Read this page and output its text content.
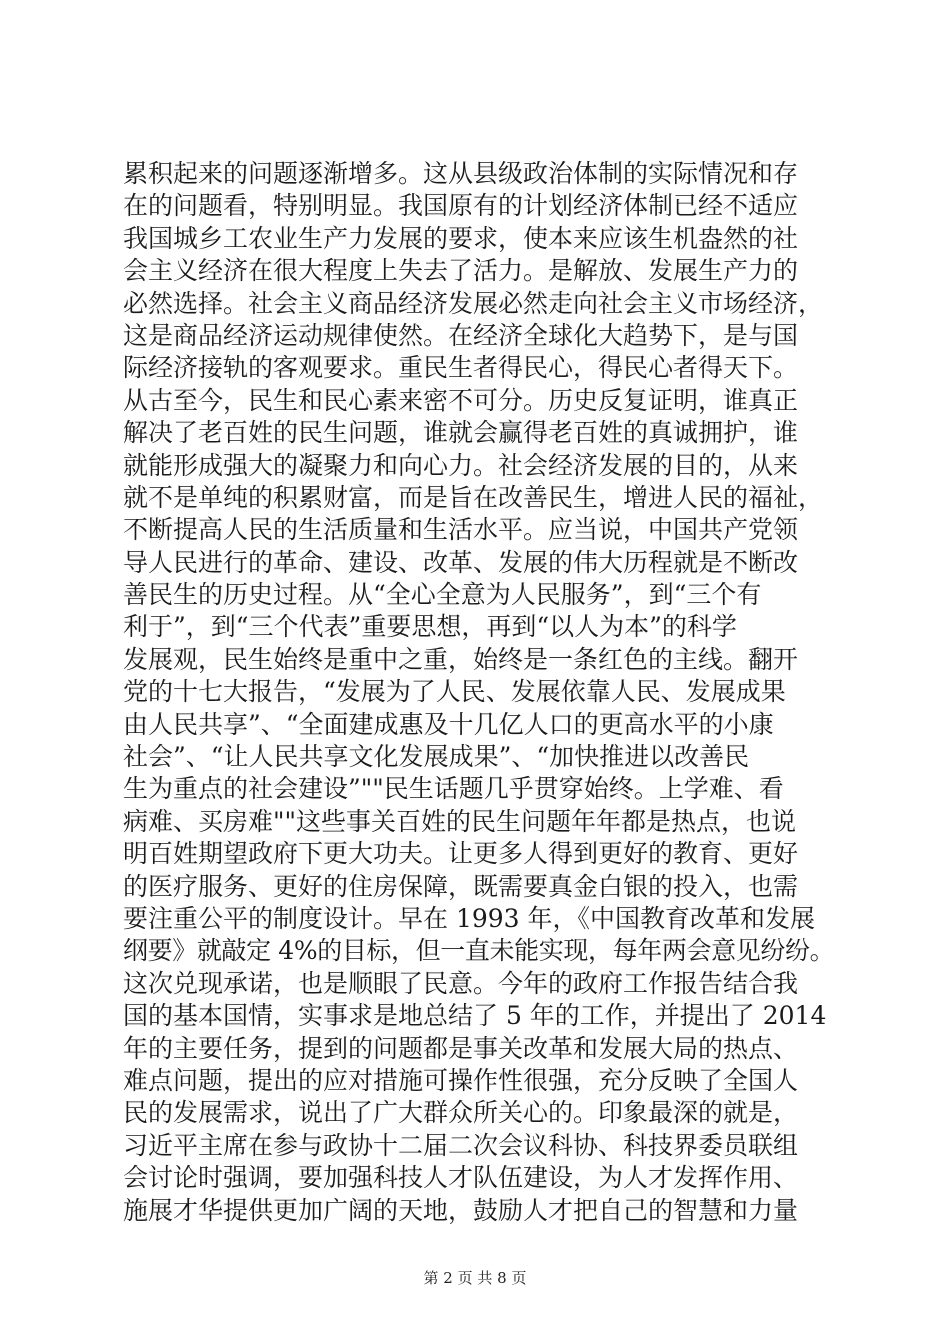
累积起来的问题逐渐增多。这从县级政治体制的实际情况和存
在的问题看，特别明显。我国原有的计划经济体制已经不适应
我国城乡工农业生产力发展的要求，使本来应该生机盎然的社
会主义经济在很大程度上失去了活力。是解放、发展生产力的
必然选择。社会主义商品经济发展必然走向社会主义市场经济，
这是商品经济运动规律使然。在经济全球化大趋势下，是与国
际经济接轨的客观要求。重民生者得民心，得民心者得天下。
从古至今，民生和民心素来密不可分。历史反复证明，谁真正
解决了老百姓的民生问题，谁就会赢得老百姓的真诚拥护，谁
就能形成强大的凝聚力和向心力。社会经济发展的目的，从来
就不是单纯的积累财富，而是旨在改善民生，增进人民的福祉，
不断提高人民的生活质量和生活水平。应当说，中国共产党领
导人民进行的革命、建设、改革、发展的伟大历程就是不断改
善民生的历史过程。从“全心全意为人民服务”，到“三个有
利于”，到“三个代表”重要思想，再到“以人为本”的科学
发展观，民生始终是重中之重，始终是一条红色的主线。翻开
党的十七大报告，“发展为了人民、发展依靠人民、发展成果
由人民共享”、“全面建成惠及十几亿人口的更高水平的小康
社会”、“让人民共享文化发展成果”、“加快推进以改善民
生为重点的社会建设”""民生话题几乎贯穿始终。上学难、看
病难、买房难""这些事关百姓的民生问题年年都是热点，也说
明百姓期望政府下更大功夫。让更多人得到更好的教育、更好
的医疗服务、更好的住房保障，既需要真金白银的投入，也需
要注重公平的制度设计。早在 1993 年，《中国教育改革和发展
纲要》就敲定 4%的目标，但一直未能实现，每年两会意见纷纷。
这次兑现承诺，也是顺眼了民意。今年的政府工作报告结合我
国的基本国情，实事求是地总结了 5 年的工作，并提出了 2014
年的主要任务，提到的问题都是事关改革和发展大局的热点、
难点问题，提出的应对措施可操作性很强，充分反映了全国人
民的发展需求，说出了广大群众所关心的。印象最深的就是，
习近平主席在参与政协十二届二次会议科协、科技界委员联组
会讨论时强调，要加强科技人才队伍建设，为人才发挥作用、
施展才华提供更加广阔的天地，鼓励人才把自己的智慧和力量
第 2 页 共 8 页
